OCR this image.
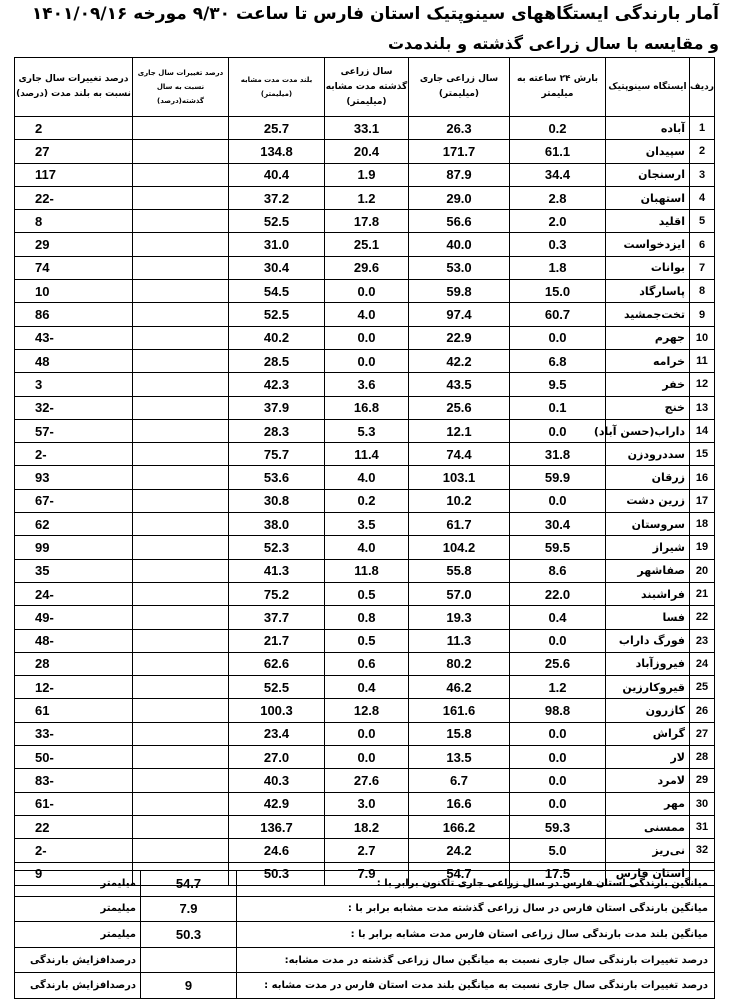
آمار بارندگی ایستگاههای سینوپتیک استان فارس تا ساعت ۹/۳۰ مورخه ۱۴۰۱/۰۹/۱۶
و مقایسه با سال زراعی گذشته و بلندمدت
ردیف	ایستگاه سینوپتیک	بارش ۲۴ ساعته به میلیمتر	سال زراعی جاری (میلیمتر)	سال زراعی گذشته مدت مشابه (میلیمتر)	بلند مدت مدت مشابه (میلیمتر)	درصد تغییرات سال جاری نسبت به سال گذشته(درصد)	درصد تغییرات سال جاری نسبت به بلند مدت (درصد)
1	آباده	0.2	26.3	33.1	25.7		2
2	سپیدان	61.1	171.7	20.4	134.8		27
3	ارسنجان	34.4	87.9	1.9	40.4		117
4	استهبان	2.8	29.0	1.2	37.2		-22
5	اقلید	2.0	56.6	17.8	52.5		8
6	ایزدخواست	0.3	40.0	25.1	31.0		29
7	بوانات	1.8	53.0	29.6	30.4		74
8	پاسارگاد	15.0	59.8	0.0	54.5		10
9	تخت‌جمشید	60.7	97.4	4.0	52.5		86
10	جهرم	0.0	22.9	0.0	40.2		-43
11	خرامه	6.8	42.2	0.0	28.5		48
12	خفر	9.5	43.5	3.6	42.3		3
13	خنج	0.1	25.6	16.8	37.9		-32
14	داراب(حسن آباد)	0.0	12.1	5.3	28.3		-57
15	سددرودزن	31.8	74.4	11.4	75.7		-2
16	زرقان	59.9	103.1	4.0	53.6		93
17	زرین دشت	0.0	10.2	0.2	30.8		-67
18	سروستان	30.4	61.7	3.5	38.0		62
19	شیراز	59.5	104.2	4.0	52.3		99
20	صفاشهر	8.6	55.8	11.8	41.3		35
21	فراشبند	22.0	57.0	0.5	75.2		-24
22	فسا	0.4	19.3	0.8	37.7		-49
23	فورگ داراب	0.0	11.3	0.5	21.7		-48
24	فیروزآباد	25.6	80.2	0.6	62.6		28
25	قیروکارزین	1.2	46.2	0.4	52.5		-12
26	کازرون	98.8	161.6	12.8	100.3		61
27	گراش	0.0	15.8	0.0	23.4		-33
28	لار	0.0	13.5	0.0	27.0		-50
29	لامرد	0.0	6.7	27.6	40.3		-83
30	مهر	0.0	16.6	3.0	42.9		-61
31	ممسنی	59.3	166.2	18.2	136.7		22
32	نی‌ریز	5.0	24.2	2.7	24.6		-2
	استان فارس	17.5	54.7	7.9	50.3		9
میانگین بارندگی استان فارس در سال زراعی جاری تاکنون برابر با :	54.7	میلیمتر
میانگین بارندگی استان فارس در سال زراعی گذشته مدت مشابه برابر با :	7.9	میلیمتر
میانگین بلند مدت بارندگی سال زراعی استان فارس مدت مشابه برابر با :	50.3	میلیمتر
درصد تغییرات بارندگی سال جاری نسبت به میانگین سال زراعی گذشته در مدت مشابه:		درصدافزایش بارندگی
درصد تغییرات بارندگی سال جاری نسبت به میانگین بلند مدت استان فارس در مدت مشابه :	9	درصدافزایش بارندگی
